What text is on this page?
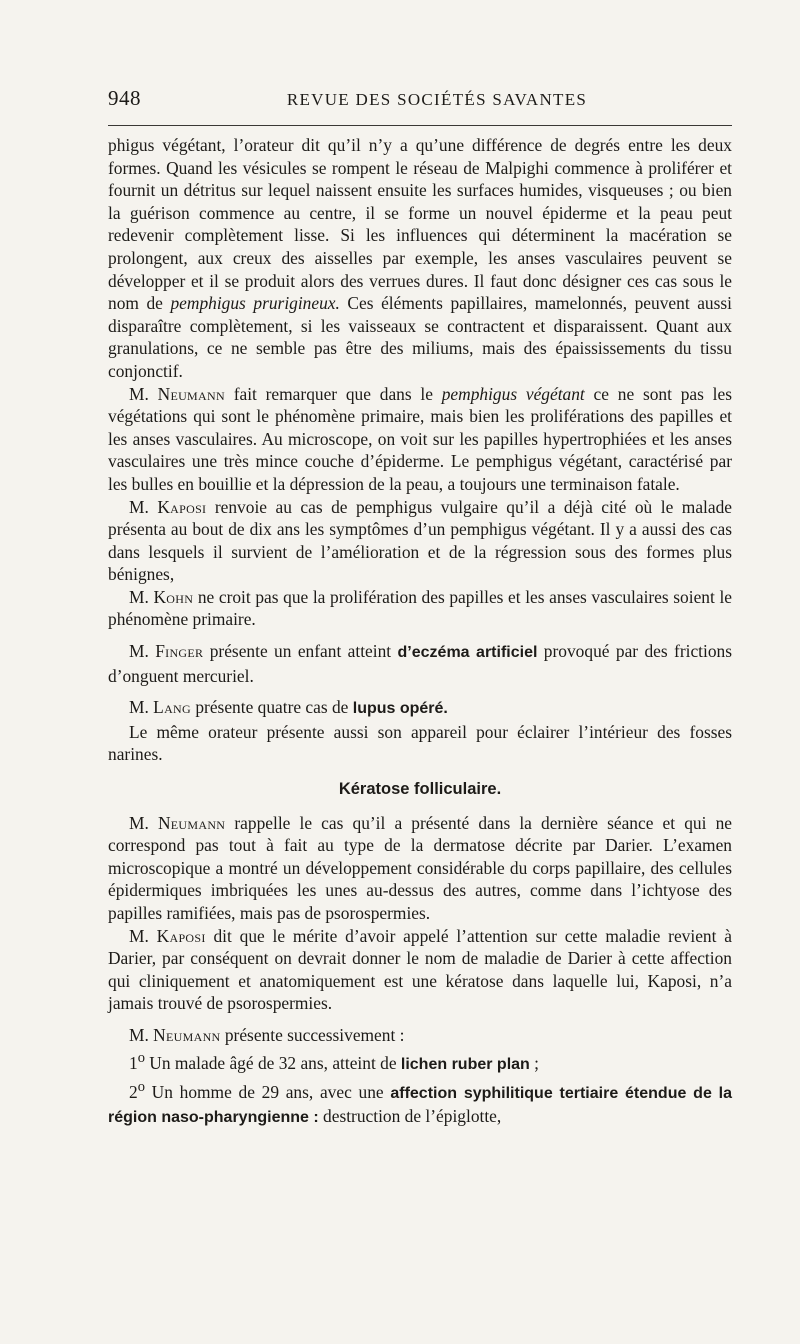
948	REVUE DES SOCIÉTÉS SAVANTES

phigus végétant, l’orateur dit qu’il n’y a qu’une différence de degrés entre les deux formes. Quand les vésicules se rompent le réseau de Malpighi commence à proliférer et fournit un détritus sur lequel naissent ensuite les surfaces humides, visqueuses ; ou bien la guérison commence au centre, il se forme un nouvel épiderme et la peau peut redevenir complètement lisse. Si les influences qui déterminent la macération se prolongent, aux creux des aisselles par exemple, les anses vasculaires peuvent se développer et il se produit alors des verrues dures. Il faut donc désigner ces cas sous le nom de pemphigus prurigineux. Ces éléments papillaires, mamelonnés, peuvent aussi disparaître complètement, si les vaisseaux se contractent et disparaissent. Quant aux granulations, ce ne semble pas être des miliums, mais des épaississements du tissu conjonctif.

M. Neumann fait remarquer que dans le pemphigus végétant ce ne sont pas les végétations qui sont le phénomène primaire, mais bien les proliférations des papilles et les anses vasculaires. Au microscope, on voit sur les papilles hypertrophiées et les anses vasculaires une très mince couche d’épiderme. Le pemphigus végétant, caractérisé par les bulles en bouillie et la dépression de la peau, a toujours une terminaison fatale.

M. Kaposi renvoie au cas de pemphigus vulgaire qu’il a déjà cité où le malade présenta au bout de dix ans les symptômes d’un pemphigus végétant. Il y a aussi des cas dans lesquels il survient de l’amélioration et de la régression sous des formes plus bénignes,

M. Kohn ne croit pas que la prolifération des papilles et les anses vasculaires soient le phénomène primaire.

M. Finger présente un enfant atteint d’eczéma artificiel provoqué par des frictions d’onguent mercuriel.

M. Lang présente quatre cas de lupus opéré.

Le même orateur présente aussi son appareil pour éclairer l’intérieur des fosses narines.

Kératose folliculaire.

M. Neumann rappelle le cas qu’il a présenté dans la dernière séance et qui ne correspond pas tout à fait au type de la dermatose décrite par Darier. L’examen microscopique a montré un développement considérable du corps papillaire, des cellules épidermiques imbriquées les unes au-dessus des autres, comme dans l’ichtyose des papilles ramifiées, mais pas de psorospermies.

M. Kaposi dit que le mérite d’avoir appelé l’attention sur cette maladie revient à Darier, par conséquent on devrait donner le nom de maladie de Darier à cette affection qui cliniquement et anatomiquement est une kératose dans laquelle lui, Kaposi, n’a jamais trouvé de psorospermies.

M. Neumann présente successivement :

1$^o$ Un malade âgé de 32 ans, atteint de lichen ruber plan ;

2$^o$ Un homme de 29 ans, avec une affection syphilitique tertiaire étendue de la région naso-pharyngienne : destruction de l’épiglotte,
